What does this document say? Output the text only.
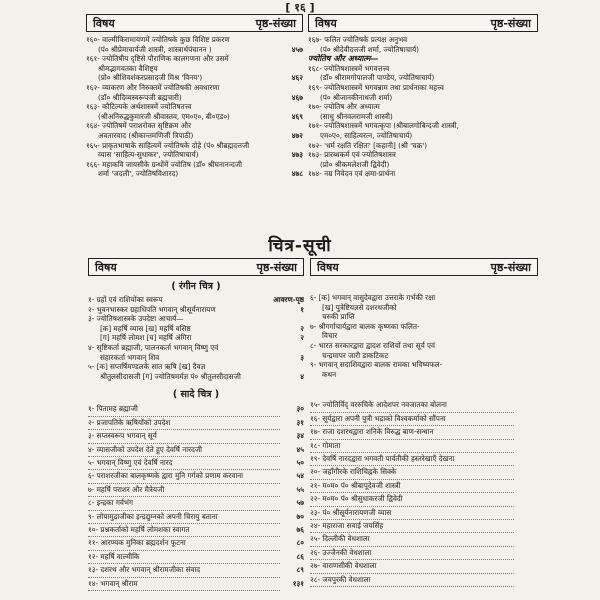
[ १६ ]
विषय	पृष्ठ-संख्या
१६०- वाल्मीकिरामायणमें ज्योतिषके कुछ विशिष्ट प्रकरण
(पं० श्रीप्रेमाचार्यजी शास्त्री, शास्त्रार्थपंचानन )	४५७
१६१- ज्योतिषीय दृष्टिसे पौराणिक कालगणना और उसमें
श्रीमद्भागवतका वैशिष्ट्य
(प्रो० श्रीशिवशंकरप्रसादजी मिश्र 'विनय')	४६२
१६२- व्याकरण और निरुक्तमें ज्योतिषकी अवधारणा
(डॉ० श्रीदिव्यस्वरूपजी ब्रह्मचारी)	४६७
१६३- कौटिल्यके अर्थशास्त्रमें ज्योतिषतत्त्व
(श्रीअनिरुद्धकुमारजी श्रीवास्तव, एम०ए०, बी०एड०)	४६९
१६४- ज्योतिषमें पराशरोक्त सृष्टिक्रम और
अवतारवाद (श्रीकान्तमणिजी त्रिपाठी)	४७२
१६५- प्राकृतभाषाके साहित्यमें ज्योतिषके दोहे (पं० श्रीब्रह्मदत्तजी
व्यास 'साहित्य-सुधाकर', ज्योतिषाचार्य)	४७३
१६६- महाकवि जायसीके ग्रन्थोंमें ज्योतिष (डॉ० श्रीघनानन्दजी
शर्मा 'जदली', ज्योतिषविशारद)	४७८
विषय	पृष्ठ-संख्या
१६७- फलित ज्योतिषके प्रत्यक्ष अनुभव
(पं० श्रीदेवीदत्तजी शर्मा, ज्योतिषाचार्य)
ज्योतिष और अध्यात्म—
१६८- ज्योतिषशास्त्रमें भगवत्तत्त्व
(डॉ० श्रीरामगोपालजी पाण्डेय, ज्योतिषाचार्य)
१६९- ज्योतिषशास्त्रमें भगवन्नाम तथा प्रार्थनाका महत्त्व
(पं० श्रीजानकीनाथजी शर्मा)
१७०- ज्योतिष और अध्यात्म
(साधु श्रीनवलरामजी शास्त्री)
१७१- ज्योतिषशास्त्रमें भगवत्कृपा (श्रीबालगोबिन्दजी शास्त्री,
एम०ए०, साहित्यरत्न, ज्योतिषाचार्य)
१७२- 'धर्म रक्षति रक्षितः' [कहानी] (श्री 'चक्र')
१७३- प्रारब्धकर्म एवं ज्योतिषशास्त्र
(प्रो० श्रीकमलेशजी द्विवेदी)
१७४- नम्र निवेदन एवं क्षमा-प्रार्थना
चित्र-सूची
विषय	पृष्ठ-संख्या
( रंगीन चित्र )
१- ग्रहों एवं राशियोंका स्वरूप	आवरण-पृष्ठ
२- भुवनभास्कर ग्रहाधिपति भगवान् श्रीसूर्यनारायण	१
३- ज्योतिषशास्त्रके उपदेष्टा आचार्य—
[क] महर्षि व्यास [ख] महर्षि वसिष्ठ	२
[ग] महर्षि लोमश [घ] महर्षि अंगिरा	२
४- सृष्टिकर्ता ब्रह्माजी, पालनकर्ता भगवान् विष्णु एवं
संहारकर्ता भगवान् शिव	३
५- [क] सप्तर्षिमण्डलके सात ऋषि [ख] दैवज्ञ
श्रीतुलसीदासजी [ग] ज्योतिषमर्मज्ञ पं० श्रीतुलसीदासजी	४
( सादे चित्र )
१- पितामह ब्रह्माजी	३०
२- प्रजापतिके ऋषियोंको उपदेश	३१
३- सप्तस्वरूप भगवान् सूर्य	३४
४- व्यासजीको उपदेश देते हुए देवर्षि नारदजी	४५
५- भगवान् विष्णु एवं देवर्षि नारद	५०
६- पराशरजीका बालकृष्णके द्वारा मुनि गर्गको प्रणाम करवाना	५४
७- महर्षि पराशर और मैत्रेयजी	५५
८- इन्द्रका गर्वभंग	५७
९- लोपामुद्राजीका इन्द्रद्युम्नको अपनी चिरायु बताना	७०
१०- प्रश्नकर्ताको महर्षि लोमशका स्वागत	७६
११- आरण्यक मुनिका ब्रह्मदर्शन फूटना	८०
१२- महर्षि वाल्मीकि	८६
१३- दशरथ और भगवान् श्रीरामजीका संवाद	८९
१४- भगवान् श्रीराम	१३१
विषय	पृष्ठ-संख्या
६- [क] भगवान् वासुदेवद्वारा उत्तराके गर्भकी रक्षा
[ख] पुत्रेष्टियज्ञसे दशरथजीको
चरुकी प्राप्ति
७- श्रीगर्गाचार्यद्वारा बालक कृष्णका फलित-
विचार
८- भारत सरकारद्वारा द्वादश राशियों तथा सूर्य एवं
चन्द्रमापर जारी डाकटिकट
९- भगवान् सदाशिवद्वारा बालक रामका भविष्यफल-
कथन
१५- ज्योतिर्विद् वररुचिके आदेशपर नवजातका बोलना
१६- सूर्यद्वारा अपनी पुत्री भद्राको विश्वकर्माको सौंपना
१७- राजा दशरथद्वारा शनिके विरुद्ध बाण-सन्धान
१८- गोमाता
१९- देवर्षि नारदद्वारा भगवती पार्वतीकी हस्तरेखाएँ देखना
२०- जहाँगीरके राशिचिह्नके सिक्के
२१- म०म० पं० श्रीबापूदेवजी शास्त्री
२२- म०म० पं० श्रीसुधाकरजी द्विवेदी
२३- पं० श्रीसूर्यनारायणजी व्यास
२४- महाराजा सवाई जयसिंह
२५- दिल्लीकी वेधशाला
२६- उज्जैनकी वेधशाला
२७- वाराणसीकी वेधशाला
२८- जयपुरकी वेधशाला
